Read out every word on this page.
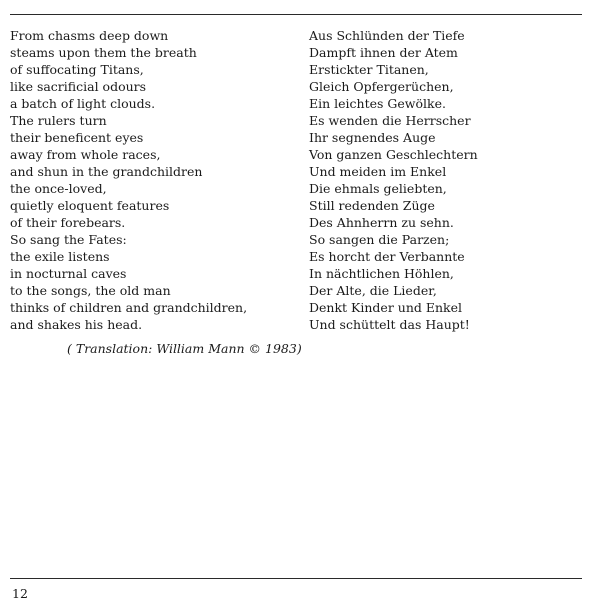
From chasms deep down
steams upon them the breath
of suffocating Titans,
like sacrificial odours
a batch of light clouds.
The rulers turn
their beneficent eyes
away from whole races,
and shun in the grandchildren
the once-loved,
quietly eloquent features
of their forebears.
So sang the Fates:
the exile listens
in nocturnal caves
to the songs, the old man
thinks of children and grandchildren,
and shakes his head.
Aus Schlünden der Tiefe
Dampft ihnen der Atem
Erstickter Titanen,
Gleich Opfergerüchen,
Ein leichtes Gewölke.
Es wenden die Herrscher
Ihr segnendes Auge
Von ganzen Geschlechtern
Und meiden im Enkel
Die ehmals geliebten,
Still redenden Züge
Des Ahnherrn zu sehn.
So sangen die Parzen;
Es horcht der Verbannte
In nächtlichen Höhlen,
Der Alte, die Lieder,
Denkt Kinder und Enkel
Und schüttelt das Haupt!
( Translation: William Mann © 1983)
12
